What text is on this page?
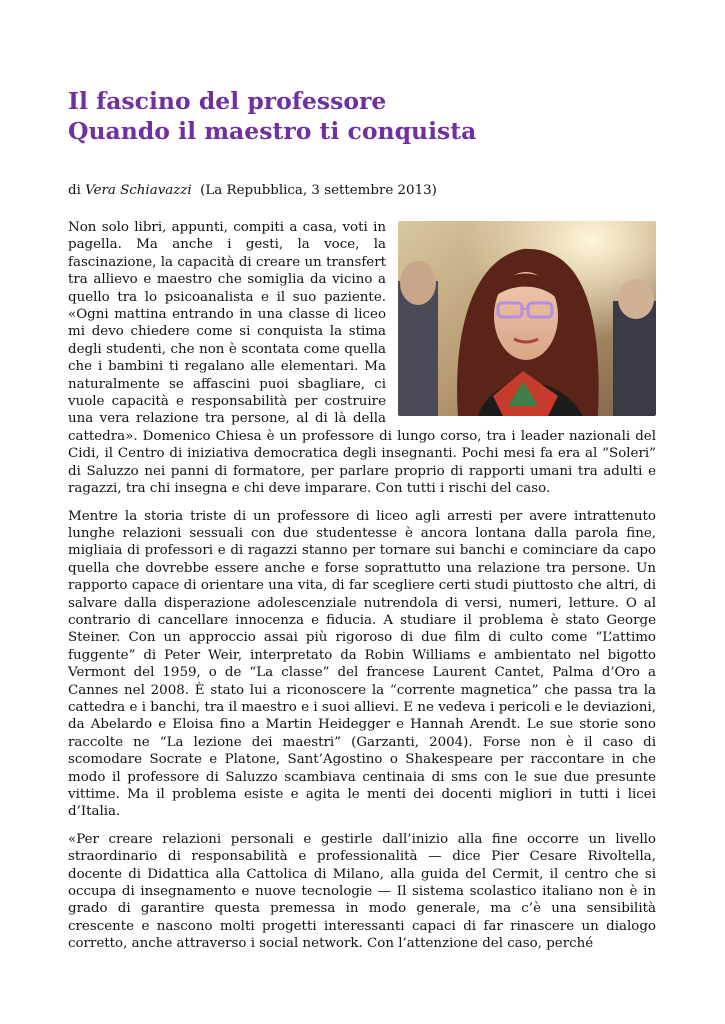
Il fascino del professore
Quando il maestro ti conquista

di Vera Schiavazzi (La Repubblica, 3 settembre 2013)

Non solo libri, appunti, compiti a casa, voti in pagella. Ma anche i gesti, la voce, la fascinazione, la capacità di creare un transfert tra allievo e maestro che somiglia da vicino a quello tra lo psicoanalista e il suo paziente. «Ogni mattina entrando in una classe di liceo mi devo chiedere come si conquista la stima degli studenti, che non è scontata come quella che i bambini ti regalano alle elementari. Ma naturalmente se affascini puoi sbagliare, ci vuole capacità e responsabilità per costruire una vera relazione tra persone, al di là della cattedra». Domenico Chiesa è un professore di lungo corso, tra i leader nazionali del Cidi, il Centro di iniziativa democratica degli insegnanti. Pochi mesi fa era al “Soleri” di Saluzzo nei panni di formatore, per parlare proprio di rapporti umani tra adulti e ragazzi, tra chi insegna e chi deve imparare. Con tutti i rischi del caso.

Mentre la storia triste di un professore di liceo agli arresti per avere intrattenuto lunghe relazioni sessuali con due studentesse è ancora lontana dalla parola fine, migliaia di professori e di ragazzi stanno per tornare sui banchi e cominciare da capo quella che dovrebbe essere anche e forse soprattutto una relazione tra persone. Un rapporto capace di orientare una vita, di far scegliere certi studi piuttosto che altri, di salvare dalla disperazione adolescenziale nutrendola di versi, numeri, letture. O al contrario di cancellare innocenza e fiducia. A studiare il problema è stato George Steiner. Con un approccio assai più rigoroso di due film di culto come “L’attimo fuggente” di Peter Weir, interpretato da Robin Williams e ambientato nel bigotto Vermont del 1959, o de “La classe” del francese Laurent Cantet, Palma d’Oro a Cannes nel 2008. È stato lui a riconoscere la “corrente magnetica” che passa tra la cattedra e i banchi, tra il maestro e i suoi allievi. E ne vedeva i pericoli e le deviazioni, da Abelardo e Eloisa fino a Martin Heidegger e Hannah Arendt. Le sue storie sono raccolte ne “La lezione dei maestri” (Garzanti, 2004). Forse non è il caso di scomodare Socrate e Platone, Sant’Agostino o Shakespeare per raccontare in che modo il professore di Saluzzo scambiava centinaia di sms con le sue due presunte vittime. Ma il problema esiste e agita le menti dei docenti migliori in tutti i licei d’Italia.

«Per creare relazioni personali e gestirle dall’inizio alla fine occorre un livello straordinario di responsabilità e professionalità — dice Pier Cesare Rivoltella, docente di Didattica alla Cattolica di Milano, alla guida del Cermit, il centro che si occupa di insegnamento e nuove tecnologie — Il sistema scolastico italiano non è in grado di garantire questa premessa in modo generale, ma c’è una sensibilità crescente e nascono molti progetti interessanti capaci di far rinascere un dialogo corretto, anche attraverso i social network. Con l’attenzione del caso, perché
